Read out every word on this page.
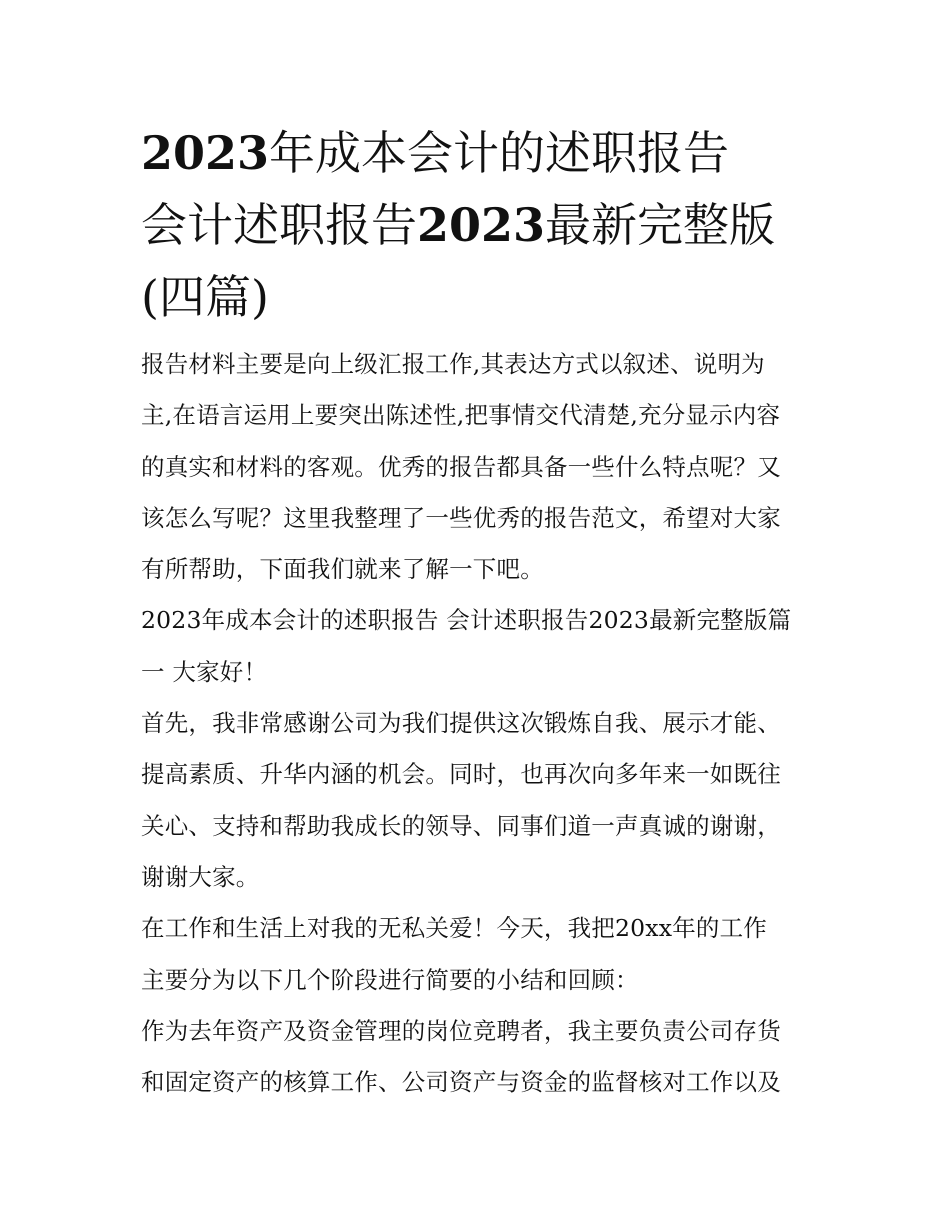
2023年成本会计的述职报告
会计述职报告2023最新完整版
(四篇)
报告材料主要是向上级汇报工作,其表达方式以叙述、说明为
主,在语言运用上要突出陈述性,把事情交代清楚,充分显示内容
的真实和材料的客观。优秀的报告都具备一些什么特点呢？又
该怎么写呢？这里我整理了一些优秀的报告范文，希望对大家
有所帮助，下面我们就来了解一下吧。
2023年成本会计的述职报告 会计述职报告2023最新完整版篇
一 大家好！
首先，我非常感谢公司为我们提供这次锻炼自我、展示才能、
提高素质、升华内涵的机会。同时，也再次向多年来一如既往
关心、支持和帮助我成长的领导、同事们道一声真诚的谢谢，
谢谢大家。
在工作和生活上对我的无私关爱！今天，我把20xx年的工作
主要分为以下几个阶段进行简要的小结和回顾：
作为去年资产及资金管理的岗位竞聘者，我主要负责公司存货
和固定资产的核算工作、公司资产与资金的监督核对工作以及
